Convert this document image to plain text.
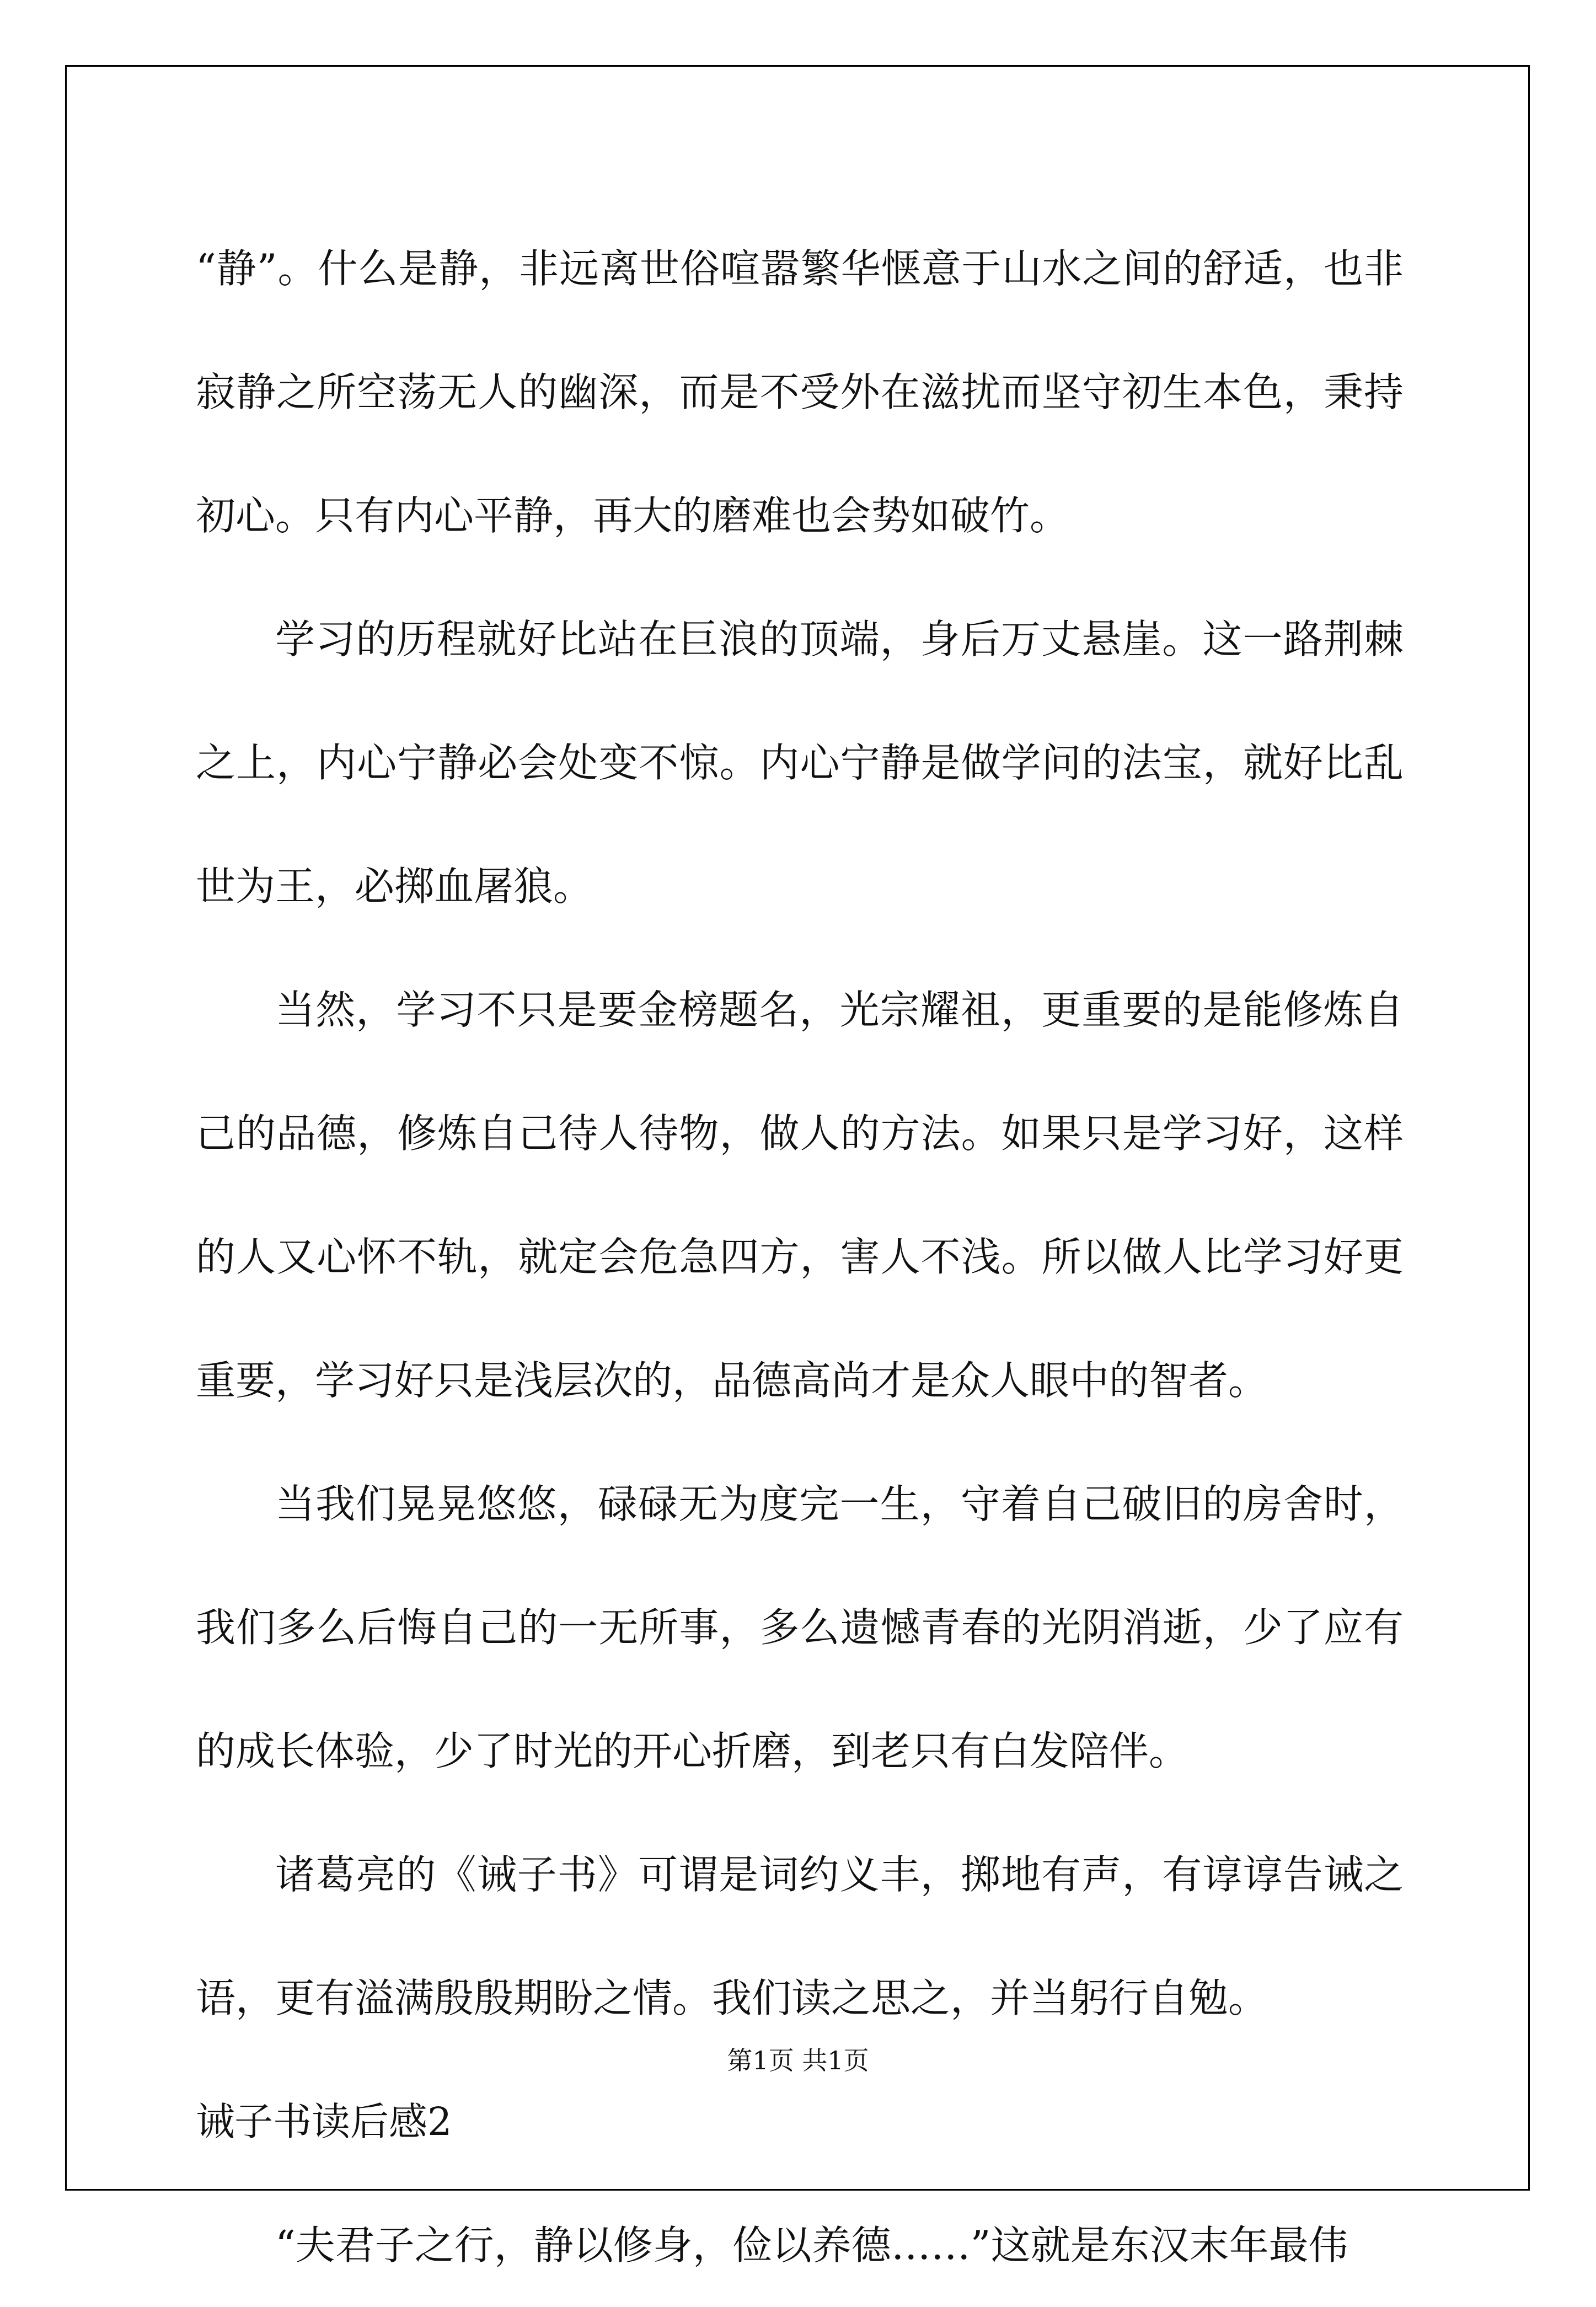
“静”。什么是静，非远离世俗喧嚣繁华惬意于山水之间的舒适，也非寂静之所空荡无人的幽深，而是不受外在滋扰而坚守初生本色，秉持初心。只有内心平静，再大的磨难也会势如破竹。

学习的历程就好比站在巨浪的顶端，身后万丈悬崖。这一路荆棘之上，内心宁静必会处变不惊。内心宁静是做学问的法宝，就好比乱世为王，必掷血屠狼。

当然，学习不只是要金榜题名，光宗耀祖，更重要的是能修炼自己的品德，修炼自己待人待物，做人的方法。如果只是学习好，这样的人又心怀不轨，就定会危急四方，害人不浅。所以做人比学习好更重要，学习好只是浅层次的，品德高尚才是众人眼中的智者。

当我们晃晃悠悠，碌碌无为度完一生，守着自己破旧的房舍时，我们多么后悔自己的一无所事，多么遗憾青春的光阴消逝，少了应有的成长体验，少了时光的开心折磨，到老只有白发陪伴。

诸葛亮的《诫子书》可谓是词约义丰，掷地有声，有谆谆告诫之语，更有溢满殷殷期盼之情。我们读之思之，并当躬行自勉。

诫子书读后感2

“夫君子之行，静以修身，俭以养德……”这就是东汉末年最伟

第1页 共1页
